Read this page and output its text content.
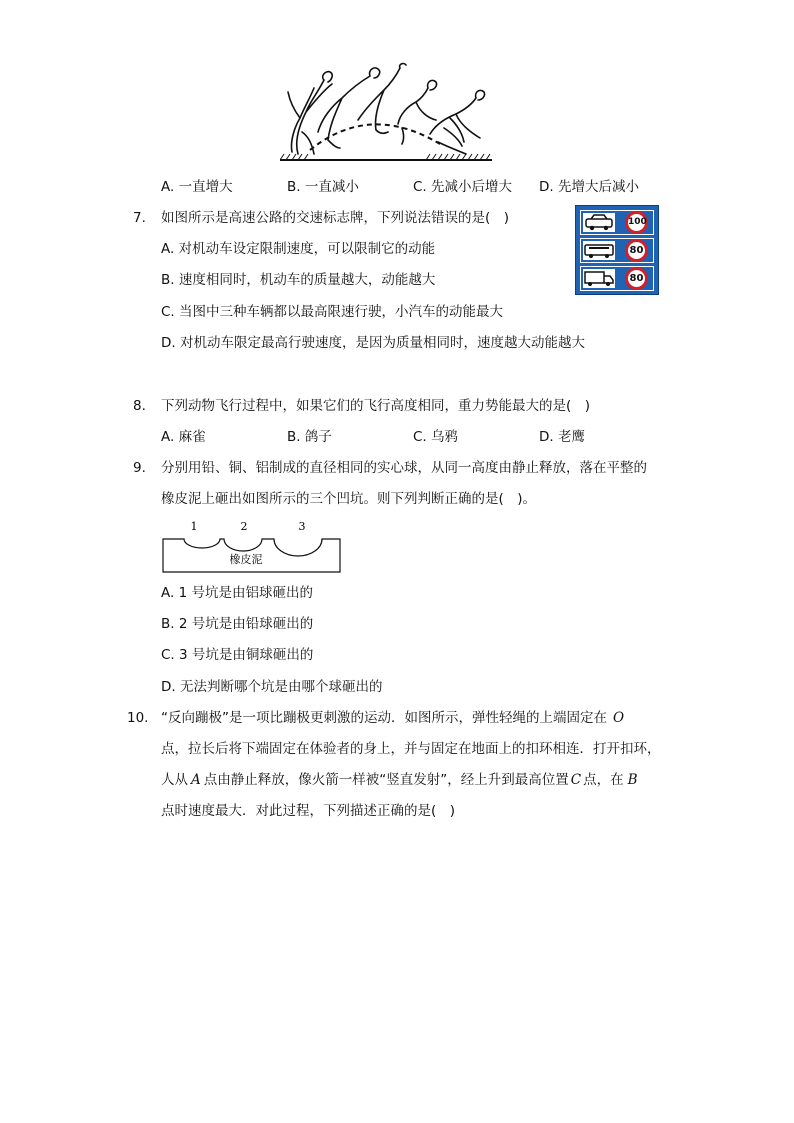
A. 一直增大	B. 一直减小	C. 先减小后增大 D. 先增大后减小
7. 如图所示是高速公路的交速标志牌，下列说法错误的是(　)
A. 对机动车设定限制速度，可以限制它的动能
B. 速度相同时，机动车的质量越大，动能越大
C. 当图中三种车辆都以最高限速行驶，小汽车的动能最大
D. 对机动车限定最高行驶速度，是因为质量相同时，速度越大动能越大
100
80
80
8. 下列动物飞行过程中，如果它们的飞行高度相同，重力势能最大的是(　)
A. 麻雀	B. 鸽子	C. 乌鸦	D. 老鹰
9. 分别用铅、铜、铝制成的直径相同的实心球，从同一高度由静止释放，落在平整的
橡皮泥上砸出如图所示的三个凹坑。则下列判断正确的是(　)。
1	2	3
橡皮泥
A. 1 号坑是由铝球砸出的
B. 2 号坑是由铅球砸出的
C. 3 号坑是由铜球砸出的
D. 无法判断哪个坑是由哪个球砸出的
10. “反向蹦极”是一项比蹦极更刺激的运动．如图所示，弹性轻绳的上端固定在 O
点，拉长后将下端固定在体验者的身上，并与固定在地面上的扣环相连．打开扣环，
人从 A 点由静止释放，像火箭一样被“竖直发射”，经上升到最高位置 C 点，在 B
点时速度最大．对此过程，下列描述正确的是(　)
